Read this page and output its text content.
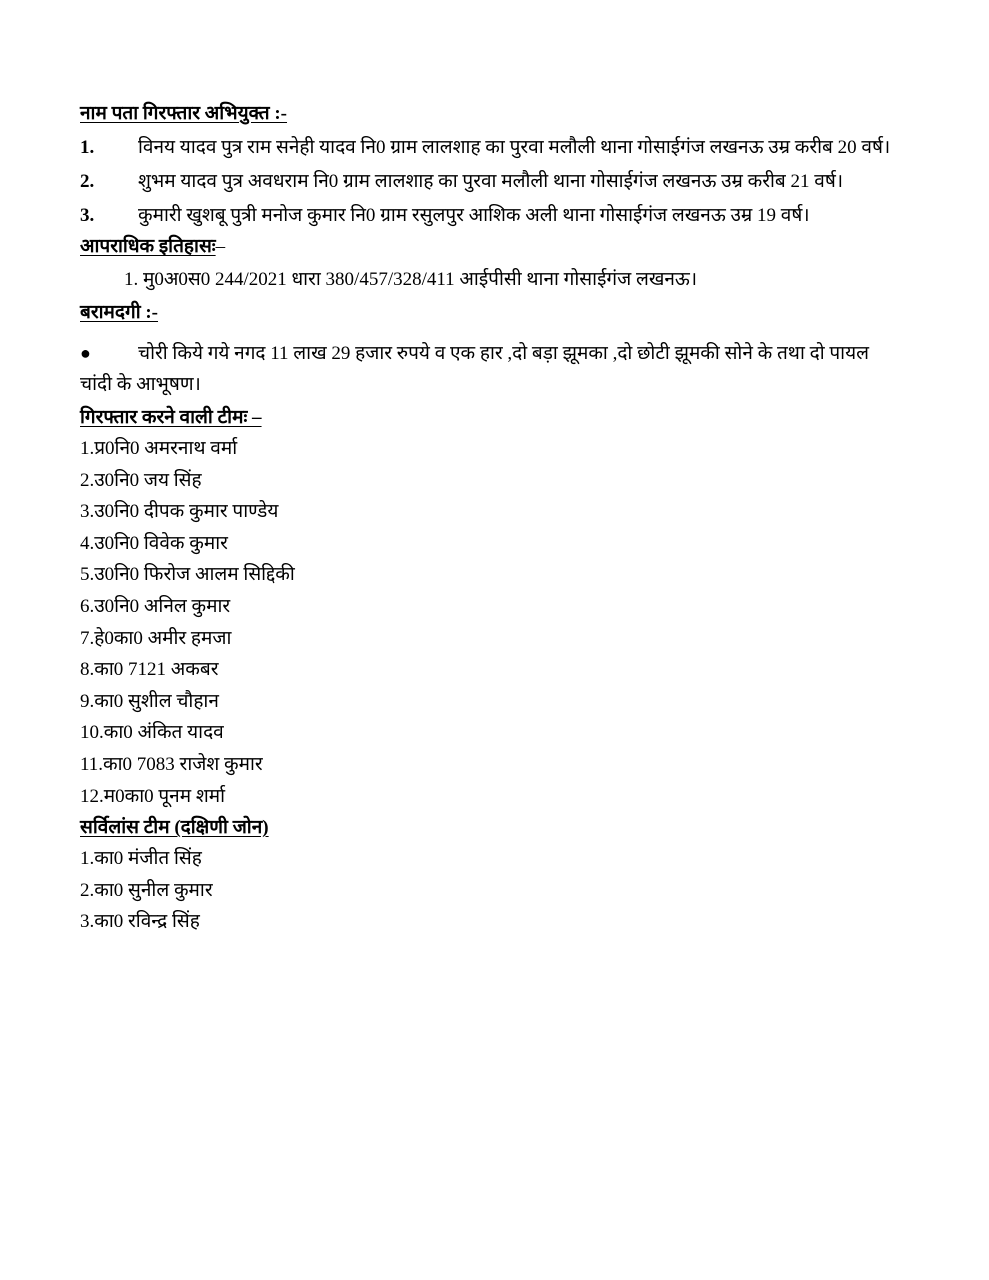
नाम पता गिरफ्तार अभियुक्त :-
1.	विनय यादव पुत्र राम सनेही यादव नि0 ग्राम लालशाह का पुरवा मलौली थाना गोसाईगंज लखनऊ उम्र करीब 20 वर्ष।
2.	शुभम यादव पुत्र अवधराम नि0 ग्राम लालशाह का पुरवा मलौली थाना गोसाईगंज लखनऊ उम्र करीब 21 वर्ष।
3.	कुमारी खुशबू पुत्री मनोज कुमार नि0 ग्राम रसुलपुर आशिक अली थाना गोसाईगंज लखनऊ उम्र 19 वर्ष।
आपराधिक इतिहासः–
1. मु0अ0स0 244/2021 धारा 380/457/328/411 आईपीसी थाना गोसाईगंज लखनऊ।
बरामदगी :-
●	चोरी किये गये नगद 11 लाख 29 हजार रुपये व एक हार ,दो बड़ा झूमका ,दो छोटी झूमकी सोने के तथा दो पायल
चांदी के आभूषण।
गिरफ्तार करने वाली टीमः –
1.प्र0नि0 अमरनाथ वर्मा
2.उ0नि0 जय सिंह
3.उ0नि0 दीपक कुमार पाण्डेय
4.उ0नि0 विवेक कुमार
5.उ0नि0 फिरोज आलम सिद्दिकी
6.उ0नि0 अनिल कुमार
7.हे0का0 अमीर हमजा
8.का0 7121 अकबर
9.का0 सुशील चौहान
10.का0 अंकित यादव
11.का0 7083 राजेश कुमार
12.म0का0 पूनम शर्मा
सर्विलांस टीम (दक्षिणी जोन)
1.का0 मंजीत सिंह
2.का0 सुनील कुमार
3.का0 रविन्द्र सिंह
